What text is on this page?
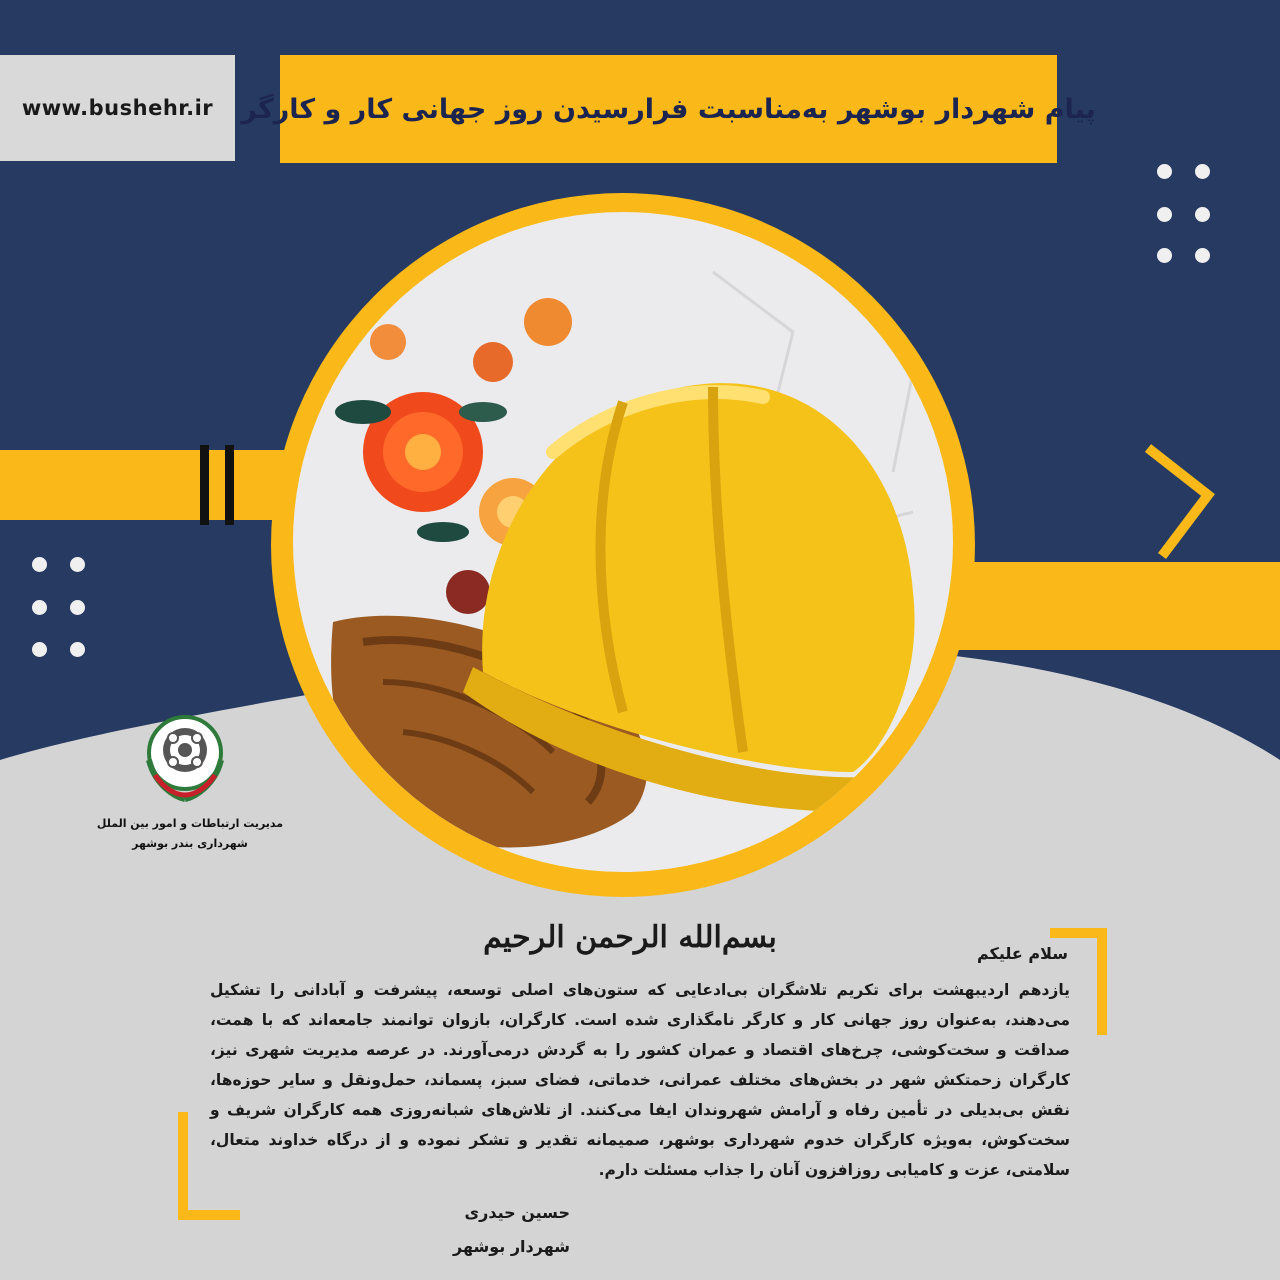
www.bushehr.ir پیام شهردار بوشهر به‌مناسبت فرارسیدن روز جهانی کار و کارگر
مدیریت ارتباطات و امور بین الملل
شهرداری بندر بوشهر
بسم‌الله الرحمن الرحیم	سلام علیکم
یازدهم اردیبهشت برای تکریم تلاشگران بی‌ادعایی که ستون‌های اصلی توسعه، پیشرفت و آبادانی را تشکیل می‌دهند، به‌عنوان روز جهانی کار و کارگر نامگذاری شده است. کارگران، بازوان توانمند جامعه‌اند که با همت، صداقت و سخت‌کوشی، چرخ‌های اقتصاد و عمران کشور را به گردش درمی‌آورند. در عرصه مدیریت شهری نیز، کارگران زحمتکش شهر در بخش‌های مختلف عمرانی، خدماتی، فضای سبز، پسماند، حمل‌ونقل و سایر حوزه‌ها، نقش بی‌بدیلی در تأمین رفاه و آرامش شهروندان ایفا می‌کنند. از تلاش‌های شبانه‌روزی همه کارگران شریف و سخت‌کوش، به‌ویژه کارگران خدوم شهرداری بوشهر، صمیمانه تقدیر و تشکر نموده و از درگاه خداوند متعال، سلامتی، عزت و کامیابی روزافزون آنان را جذاب مسئلت دارم.
حسین حیدری
شهردار بوشهر
